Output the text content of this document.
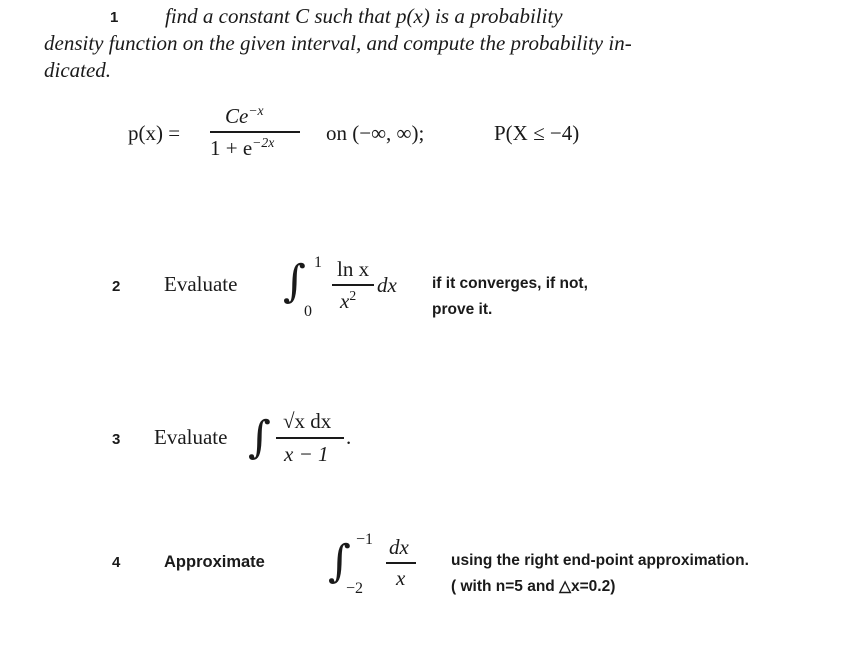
1 find a constant C such that p(x) is a probability
density function on the given interval, and compute the probability in-
dicated.
p(x) =
$Ce^{-x}$
$1 + e^{-2x}$ on (−∞, ∞);	P(X ≤ −4)
2 Evaluate ∫ 1
0
ln x
$x^2$ dx if it converges, if not,
prove it.
3 Evaluate ∫ √x dx
x − 1
.
4	Approximate ∫ −1
−2
dx
x
using the right end-point approximation.
( with n=5 and △x=0.2)
